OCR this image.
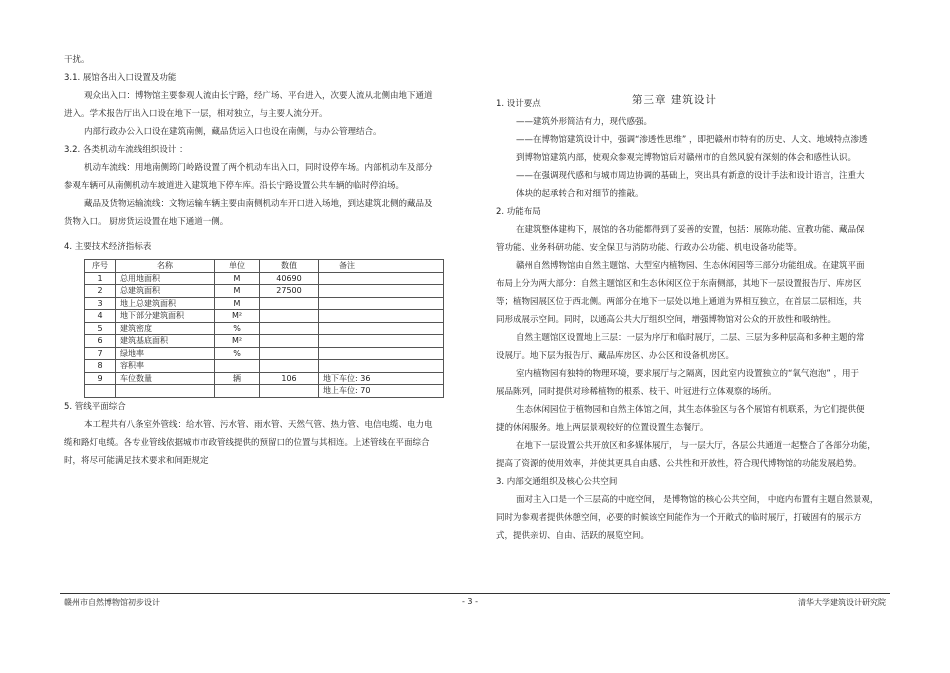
干扰。

3.1. 展馆各出入口设置及功能

观众出入口：博物馆主要参观人流由长宁路，经广场、平台进入，次要人流从北侧由地下通道

进入。学术报告厅出入口设在地下一层，相对独立，与主要人流分开。

内部行政办公入口设在建筑南侧，藏品货运入口也设在南侧，与办公管理结合。

3.2. 各类机动车流线组织设计 ：

机动车流线：用地南侧筠门岭路设置了两个机动车出入口，同时设停车场。内部机动车及部分

参观车辆可从南侧机动车坡道进入建筑地下停车库。沿长宁路设置公共车辆的临时停泊场。

藏品及货物运输流线：文物运输车辆主要由南侧机动车开口进入场地，到达建筑北侧的藏品及

货物入口。 厨房货运设置在地下通道一侧。

4. 主要技术经济指标表

序号	名称	单位	数值	备注
1	总用地面积	M	40690	
2	总建筑面积	M	27500	
3	地上总建筑面积	M		
4	地下部分建筑面积	M²		
5	建筑密度	%		
6	建筑基底面积	M²		
7	绿地率	%		
8	容积率			
9	车位数量	辆	106	地下车位: 36
				地上车位: 70

5. 管线平面综合

本工程共有八条室外管线：给水管、污水管、雨水管、天然气管、热力管、电信电缆、电力电

缆和路灯电缆。各专业管线依据城市市政管线提供的预留口的位置与其相连。上述管线在平面综合

时，将尽可能满足技术要求和间距规定

第三章 建筑设计

1. 设计要点

——建筑外形简洁有力，现代感强。

——在博物馆建筑设计中，强调“渗透性思维” ，即把赣州市特有的历史、人文、地域特点渗透

到博物馆建筑内部，使观众参观完博物馆后对赣州市的自然风貌有深刻的体会和感性认识。

——在强调现代感和与城市周边协调的基础上，突出具有新意的设计手法和设计语言，注重大

体块的起承转合和对细节的推敲。

2. 功能布局

在建筑整体建构下，展馆的各功能都得到了妥善的安置，包括：展陈功能、宣教功能、藏品保

管功能、业务科研功能、安全保卫与消防功能、行政办公功能、机电设备功能等。

赣州自然博物馆由自然主题馆、大型室内植物园、生态休闲园等三部分功能组成。在建筑平面

布局上分为两大部分：自然主题馆区和生态休闲区位于东南侧部，其地下一层设置报告厅、库房区

等；植物园展区位于西北侧。两部分在地下一层处以地上通道为界相互独立，在首层二层相连，共

同形成展示空间。同时，以通高公共大厅组织空间，增强博物馆对公众的开放性和吸纳性。

自然主题馆区设置地上三层：一层为序厅和临时展厅，二层、三层为多种层高和多种主题的常

设展厅。地下层为报告厅、藏品库房区、办公区和设备机房区。

室内植物园有独特的物理环境，要求展厅与之隔离，因此室内设置独立的“氧气泡泡” ，用于

展品陈列，同时提供对珍稀植物的根系、枝干、叶冠进行立体观察的场所。

生态休闲园位于植物园和自然主体馆之间，其生态体验区与各个展馆有机联系，为它们提供便

捷的休闲服务。地上两层景观较好的位置设置生态餐厅。

在地下一层设置公共开放区和多媒体展厅， 与一层大厅，各层公共通道一起整合了各部分功能，

提高了资源的使用效率，并使其更具自由感、公共性和开放性，符合现代博物馆的功能发展趋势。

3. 内部交通组织及核心公共空间

面对主入口是一个三层高的中庭空间， 是博物馆的核心公共空间， 中庭内布置有主题自然景观，

同时为参观者提供休憩空间，必要的时候该空间能作为一个开敞式的临时展厅，打破固有的展示方

式，提供亲切、自由、活跃的展览空间。

赣州市自然博物馆初步设计	- 3 -	清华大学建筑设计研究院
